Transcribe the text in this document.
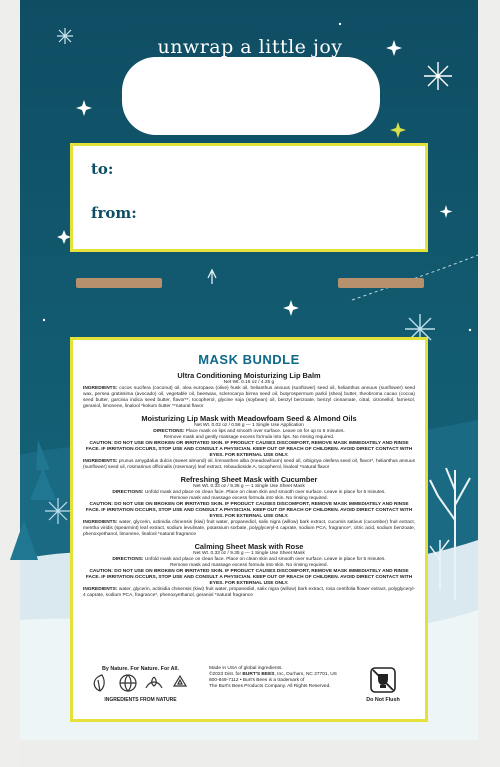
unwrap a little joy
to:
from:
MASK BUNDLE
Ultra Conditioning Moisturizing Lip Balm
Net Wt. 0.15 oz / 4.25 g
INGREDIENTS: cocos nucifera (coconut) oil, olea europaea (olive) husk oil, helianthus annuus (sunflower) seed oil, helianthus annuus (sunflower) seed wax, persea gratissima (avocado) oil, vegetable oil, beeswax, sclerocarya birrea seed oil, butyrospermum parkii (shea) butter, theobroma cacao (cocoa) seed butter, garcinia indica seed butter, flavor**, tocopherol, glycine soja (soybean) oil, benzyl benzoate, benzyl cinnamate, citral, citronellol, farnesol, geraniol, limonene, linalool *kokum butter **natural flavor
Moisturizing Lip Mask with Meadowfoam Seed & Almond Oils
Net Wt. 0.02 oz / 0.56 g — 1 Single Use Application
DIRECTIONS: Place mask on lips and smooth over surface. Leave on for up to 5 minutes.
Remove mask and gently massage excess formula into lips. No rinsing required.
CAUTION: DO NOT USE ON BROKEN OR IRRITATED SKIN. IF PRODUCT CAUSES DISCOMFORT, REMOVE MASK IMMEDIATELY AND RINSE FACE. IF IRRITATION OCCURS, STOP USE AND CONSULT A PHYSICIAN. KEEP OUT OF REACH OF CHILDREN. AVOID DIRECT CONTACT WITH EYES. FOR EXTERNAL USE ONLY.
INGREDIENTS: prunus amygdalus dulcis (sweet almond) oil, limnanthes alba (meadowfoam) seed oil, orbignya oleifera seed oil, flavor*, helianthus annuus (sunflower) seed oil, rosmarinus officinalis (rosemary) leaf extract, rebaudioside A, tocopherol, linalool *natural flavor
Refreshing Sheet Mask with Cucumber
Net Wt. 0.33 oz / 9.35 g — 1 Single Use Sheet Mask
DIRECTIONS: Unfold mask and place on clean face. Place on clean skin and smooth over surface. Leave in place for 5 minutes.
Remove mask and massage excess formula into skin. No rinsing required.
CAUTION: DO NOT USE ON BROKEN OR IRRITATED SKIN. IF PRODUCT CAUSES DISCOMFORT, REMOVE MASK IMMEDIATELY AND RINSE FACE. IF IRRITATION OCCURS, STOP USE AND CONSULT A PHYSICIAN. KEEP OUT OF REACH OF CHILDREN. AVOID DIRECT CONTACT WITH EYES. FOR EXTERNAL USE ONLY.
INGREDIENTS: water, glycerin, actinidia chinensis (kiwi) fruit water, propanediol, salix nigra (willow) bark extract, cucumis sativus (cucumber) fruit extract, mentha viridis (spearmint) leaf extract, sodium levulinate, potassium sorbate, polyglyceryl-4 caprate, sodium PCA, fragrance*, citric acid, sodium benzoate, phenoxyethanol, limonene, linalool *natural fragrance
Calming Sheet Mask with Rose
Net Wt. 0.33 oz / 9.35 g — 1 Single Use Sheet Mask
DIRECTIONS: Unfold mask and place on clean face. Place on clean skin and smooth over surface. Leave in place for 5 minutes.
Remove mask and massage excess formula into skin. No rinsing required.
CAUTION: DO NOT USE ON BROKEN OR IRRITATED SKIN. IF PRODUCT CAUSES DISCOMFORT, REMOVE MASK IMMEDIATELY AND RINSE FACE. IF IRRITATION OCCURS, STOP USE AND CONSULT A PHYSICIAN. KEEP OUT OF REACH OF CHILDREN. AVOID DIRECT CONTACT WITH EYES. FOR EXTERNAL USE ONLY.
INGREDIENTS: water, glycerin, actinidia chinensis (kiwi) fruit water, propanediol, salix nigra (willow) bark extract, rosa centifolia flower extract, polyglyceryl-4 caprate, sodium PCA, fragrance*, phenoxyethanol, geraniol *natural fragrance
By Nature. For Nature. For All.
INGREDIENTS FROM NATURE
Made in USA of global ingredients.
©2023 Dist. for BURT'S BEES, Inc, Durham, NC 27701, US
800-849-7112 • Burt's Bees is a trademark of
The Burt's Bees Products Company. All Rights Reserved.
Do Not Flush
